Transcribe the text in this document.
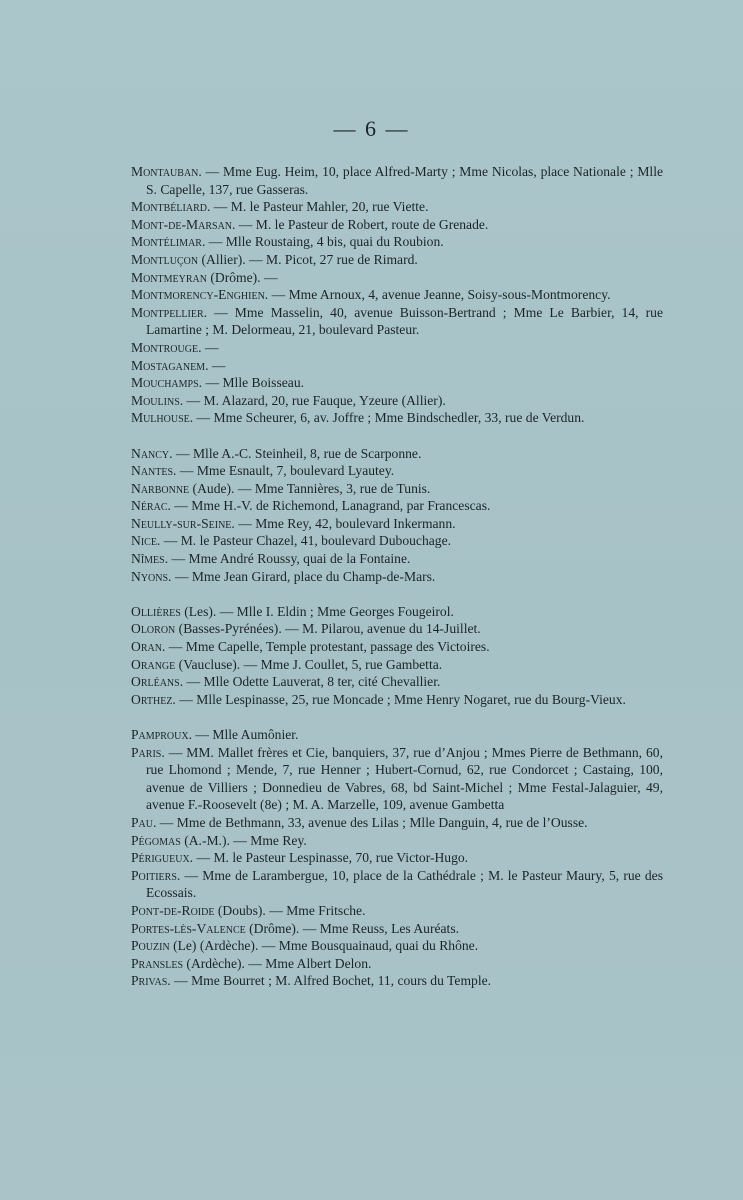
— 6 —
Montauban. — Mme Eug. Heim, 10, place Alfred-Marty ; Mme Nicolas, place Nationale ; Mlle S. Capelle, 137, rue Gasseras.
Montbéliard. — M. le Pasteur Mahler, 20, rue Viette.
Mont-de-Marsan. — M. le Pasteur de Robert, route de Grenade.
Montélimar. — Mlle Roustaing, 4 bis, quai du Roubion.
Montluçon (Allier). — M. Picot, 27 rue de Rimard.
Montmeyran (Drôme). —
Montmorency-Enghien. — Mme Arnoux, 4, avenue Jeanne, Soisy-sous-Montmorency.
Montpellier. — Mme Masselin, 40, avenue Buisson-Bertrand ; Mme Le Barbier, 14, rue Lamartine ; M. Delormeau, 21, boulevard Pasteur.
Montrouge. —
Mostaganem. —
Mouchamps. — Mlle Boisseau.
Moulins. — M. Alazard, 20, rue Fauque, Yzeure (Allier).
Mulhouse. — Mme Scheurer, 6, av. Joffre ; Mme Bindschedler, 33, rue de Verdun.
Nancy. — Mlle A.-C. Steinheil, 8, rue de Scarponne.
Nantes. — Mme Esnault, 7, boulevard Lyautey.
Narbonne (Aude). — Mme Tannières, 3, rue de Tunis.
Nérac. — Mme H.-V. de Richemond, Lanagrand, par Francescas.
Neully-sur-Seine. — Mme Rey, 42, boulevard Inkermann.
Nice. — M. le Pasteur Chazel, 41, boulevard Dubouchage.
Nîmes. — Mme André Roussy, quai de la Fontaine.
Nyons. — Mme Jean Girard, place du Champ-de-Mars.
Ollières (Les). — Mlle I. Eldin ; Mme Georges Fougeirol.
Oloron (Basses-Pyrénées). — M. Pilarou, avenue du 14-Juillet.
Oran. — Mme Capelle, Temple protestant, passage des Victoires.
Orange (Vaucluse). — Mme J. Coullet, 5, rue Gambetta.
Orléans. — Mlle Odette Lauverat, 8 ter, cité Chevallier.
Orthez. — Mlle Lespinasse, 25, rue Moncade ; Mme Henry Nogaret, rue du Bourg-Vieux.
Pamproux. — Mlle Aumônier.
Paris. — MM. Mallet frères et Cie, banquiers, 37, rue d’Anjou ; Mmes Pierre de Bethmann, 60, rue Lhomond ; Mende, 7, rue Henner ; Hubert-Cornud, 62, rue Condorcet ; Castaing, 100, avenue de Villiers ; Donnedieu de Vabres, 68, bd Saint-Michel ; Mme Festal-Jalaguier, 49, avenue F.-Roosevelt (8e) ; M. A. Marzelle, 109, avenue Gambetta
Pau. — Mme de Bethmann, 33, avenue des Lilas ; Mlle Danguin, 4, rue de l’Ousse.
Pégomas (A.-M.). — Mme Rey.
Périgueux. — M. le Pasteur Lespinasse, 70, rue Victor-Hugo.
Poitiers. — Mme de Larambergue, 10, place de la Cathédrale ; M. le Pasteur Maury, 5, rue des Ecossais.
Pont-de-Roide (Doubs). — Mme Fritsche.
Portes-lès-Valence (Drôme). — Mme Reuss, Les Auréats.
Pouzin (Le) (Ardèche). — Mme Bousquainaud, quai du Rhône.
Pransles (Ardèche). — Mme Albert Delon.
Privas. — Mme Bourret ; M. Alfred Bochet, 11, cours du Temple.
